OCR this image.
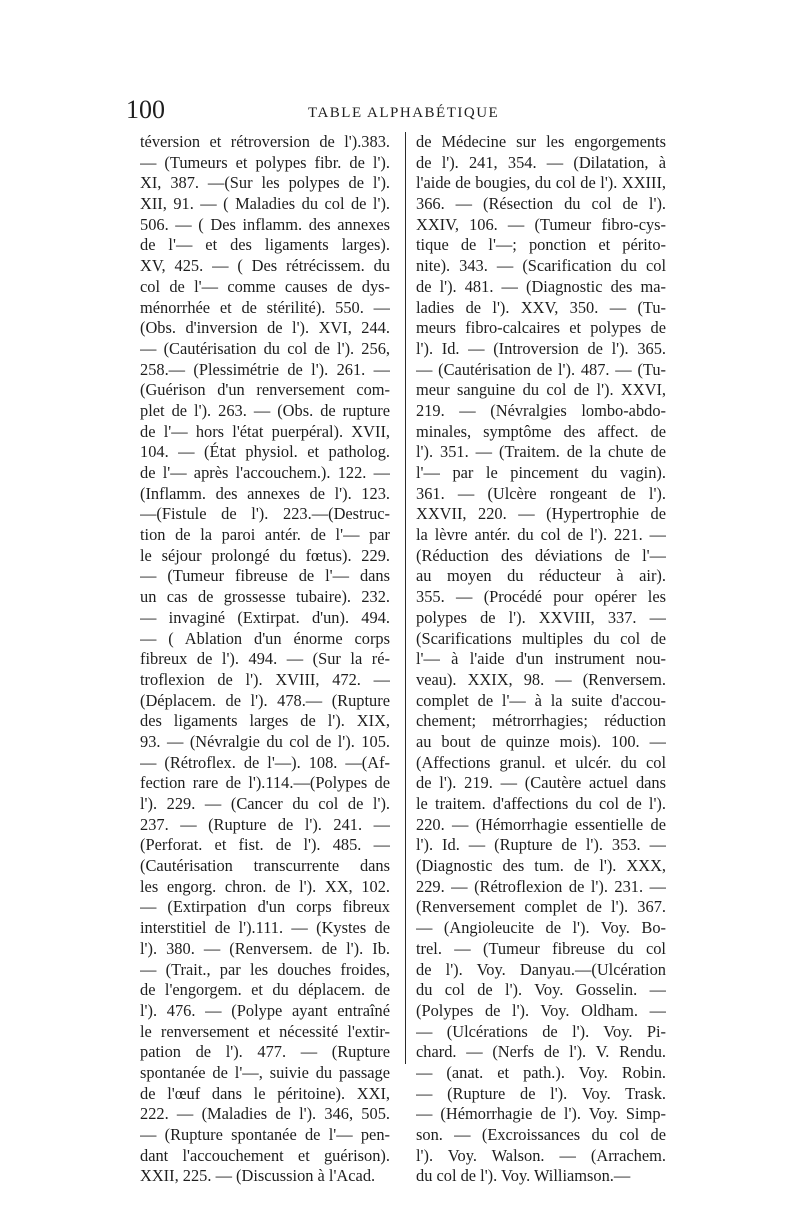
100	TABLE ALPHABÉTIQUE
téversion et rétroversion de l').383.
— (Tumeurs et polypes fibr. de l').
XI, 387. —(Sur les polypes de l').
XII, 91. — ( Maladies du col de l').
506. — ( Des inflamm. des annexes
de l'— et des ligaments larges).
XV, 425. — ( Des rétrécissem. du
col de l'— comme causes de dys-
ménorrhée et de stérilité). 550. —
(Obs. d'inversion de l'). XVI, 244.
— (Cautérisation du col de l'). 256,
258.— (Plessimétrie de l'). 261. —
(Guérison d'un renversement com-
plet de l'). 263. — (Obs. de rupture
de l'— hors l'état puerpéral). XVII,
104. — (État physiol. et patholog.
de l'— après l'accouchem.). 122. —
(Inflamm. des annexes de l'). 123.
—(Fistule de l'). 223.—(Destruc-
tion de la paroi antér. de l'— par
le séjour prolongé du fœtus). 229.
— (Tumeur fibreuse de l'— dans
un cas de grossesse tubaire). 232.
— invaginé (Extirpat. d'un). 494.
— ( Ablation d'un énorme corps
fibreux de l'). 494. — (Sur la ré-
troflexion de l'). XVIII, 472. —
(Déplacem. de l'). 478.— (Rupture
des ligaments larges de l'). XIX,
93. — (Névralgie du col de l'). 105.
— (Rétroflex. de l'—). 108. —(Af-
fection rare de l').114.—(Polypes de
l'). 229. — (Cancer du col de l').
237. — (Rupture de l'). 241. —
(Perforat. et fist. de l'). 485. —
(Cautérisation transcurrente dans
les engorg. chron. de l'). XX, 102.
— (Extirpation d'un corps fibreux
interstitiel de l').111. — (Kystes de
l'). 380. — (Renversem. de l'). Ib.
— (Trait., par les douches froides,
de l'engorgem. et du déplacem. de
l'). 476. — (Polype ayant entraîné
le renversement et nécessité l'extir-
pation de l'). 477. — (Rupture
spontanée de l'—, suivie du passage
de l'œuf dans le péritoine). XXI,
222. — (Maladies de l'). 346, 505.
— (Rupture spontanée de l'— pen-
dant l'accouchement et guérison).
XXII, 225. — (Discussion à l'Acad.
de Médecine sur les engorgements
de l'). 241, 354. — (Dilatation, à
l'aide de bougies, du col de l'). XXIII,
366. — (Résection du col de l').
XXIV, 106. — (Tumeur fibro-cys-
tique de l'—; ponction et périto-
nite). 343. — (Scarification du col
de l'). 481. — (Diagnostic des ma-
ladies de l'). XXV, 350. — (Tu-
meurs fibro-calcaires et polypes de
l'). Id. — (Introversion de l'). 365.
— (Cautérisation de l'). 487. — (Tu-
meur sanguine du col de l'). XXVI,
219. — (Névralgies lombo-abdo-
minales, symptôme des affect. de
l'). 351. — (Traitem. de la chute de
l'— par le pincement du vagin).
361. — (Ulcère rongeant de l').
XXVII, 220. — (Hypertrophie de
la lèvre antér. du col de l'). 221. —
(Réduction des déviations de l'—
au moyen du réducteur à air).
355. — (Procédé pour opérer les
polypes de l'). XXVIII, 337. —
(Scarifications multiples du col de
l'— à l'aide d'un instrument nou-
veau). XXIX, 98. — (Renversem.
complet de l'— à la suite d'accou-
chement; métrorrhagies; réduction
au bout de quinze mois). 100. —
(Affections granul. et ulcér. du col
de l'). 219. — (Cautère actuel dans
le traitem. d'affections du col de l').
220. — (Hémorrhagie essentielle de
l'). Id. — (Rupture de l'). 353. —
(Diagnostic des tum. de l'). XXX,
229. — (Rétroflexion de l'). 231. —
(Renversement complet de l'). 367.
— (Angioleucite de l'). Voy. Bo-
trel. — (Tumeur fibreuse du col
de l'). Voy. Danyau.—(Ulcération
du col de l'). Voy. Gosselin. —
(Polypes de l'). Voy. Oldham. —
— (Ulcérations de l'). Voy. Pi-
chard. — (Nerfs de l'). V. Rendu.
— (anat. et path.). Voy. Robin.
— (Rupture de l'). Voy. Trask.
— (Hémorrhagie de l'). Voy. Simp-
son. — (Excroissances du col de
l'). Voy. Walson. — (Arrachem.
du col de l'). Voy. Williamson.—
